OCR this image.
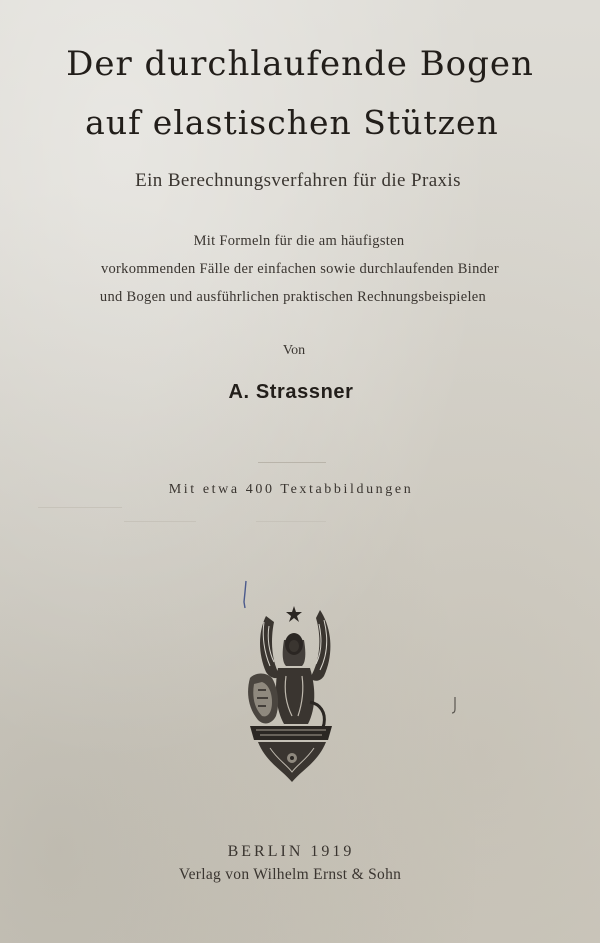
Der durchlaufende Bogen
auf elastischen Stützen
Ein Berechnungsverfahren für die Praxis
Mit Formeln für die am häufigsten
vorkommenden Fälle der einfachen sowie durchlaufenden Binder
und Bogen und ausführlichen praktischen Rechnungsbeispielen
Von
A. Strassner
Mit etwa 400 Textabbildungen
BERLIN 1919
Verlag von Wilhelm Ernst & Sohn
